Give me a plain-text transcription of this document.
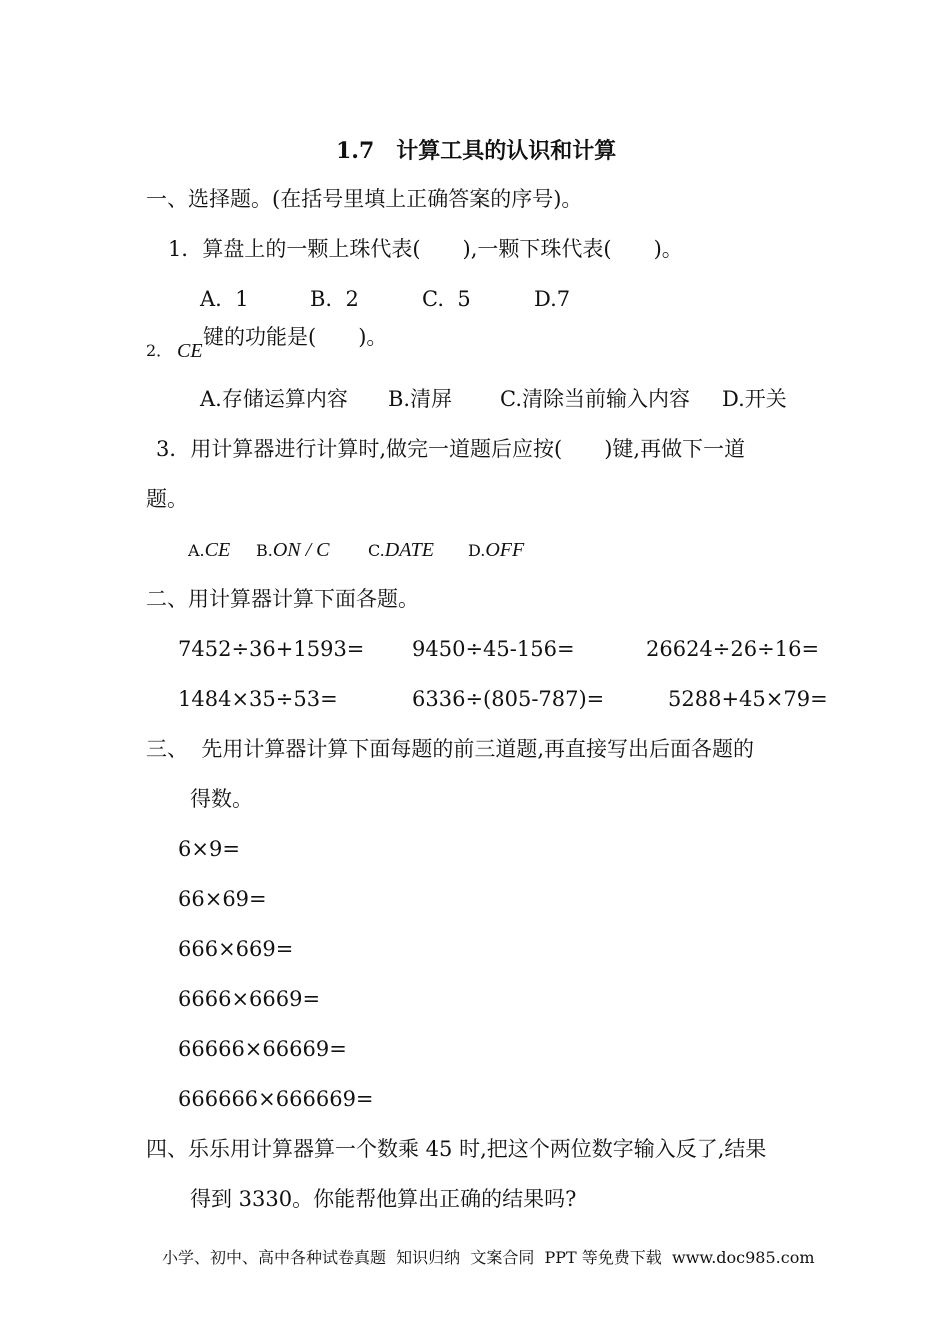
1.7　计算工具的认识和计算
一、选择题。(在括号里填上正确答案的序号)。
1．算盘上的一颗上珠代表(　　),一颗下珠代表(　　)。
A.  1	B.  2	C.  5	D.7
2． CE
键的功能是(　　)。
A.存储运算内容 B.清屏 C.清除当前输入内容 D.开关
3．用计算器进行计算时,做完一道题后应按(　　)键,再做下一道
题。
A.CE B.ON / C C.DATE D.OFF
二、用计算器计算下面各题。
7452÷36+1593= 9450÷45-156=	26624÷26÷16=
1484×35÷53=	6336÷(805-787)=	5288+45×79=
三、  先用计算器计算下面每题的前三道题,再直接写出后面各题的
得数。
6×9=
66×69=
666×669=
6666×6669=
66666×66669=
666666×666669=
四、乐乐用计算器算一个数乘 45 时,把这个两位数字输入反了,结果
得到 3330。你能帮他算出正确的结果吗?
小学、初中、高中各种试卷真题  知识归纳  文案合同  PPT 等免费下载 www.doc985.com
